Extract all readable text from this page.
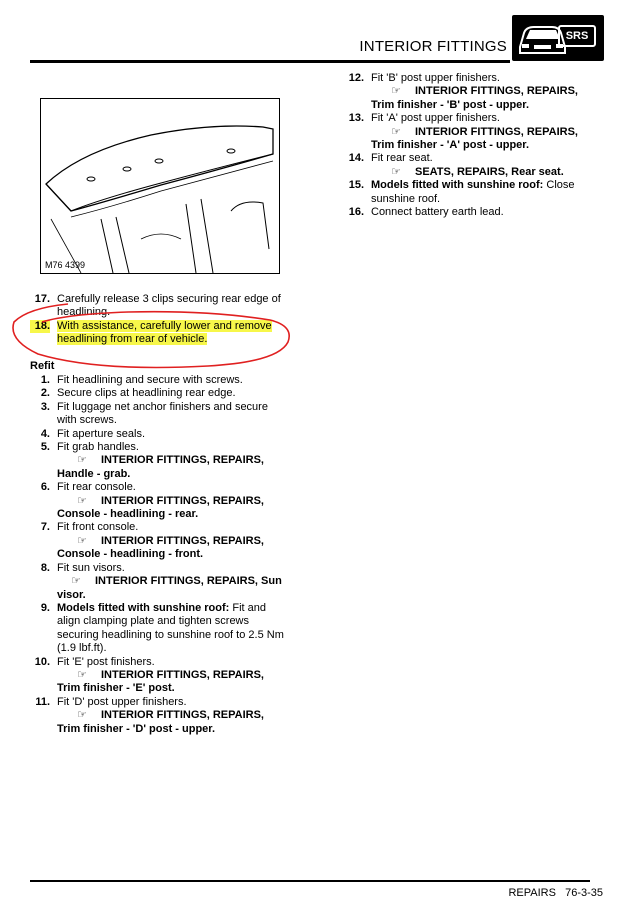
INTERIOR FITTINGS
SRS
M76 4399
17. Carefully release 3 clips securing rear edge of headlining.
18. With assistance, carefully lower and remove headlining from rear of vehicle.
Refit
1. Fit headlining and secure with screws.
2. Secure clips at headlining rear edge.
3. Fit luggage net anchor finishers and secure with screws.
4. Fit aperture seals.
5. Fit grab handles.
☞ INTERIOR FITTINGS, REPAIRS,
Handle - grab.
6. Fit rear console.
☞ INTERIOR FITTINGS, REPAIRS,
Console - headlining - rear.
7. Fit front console.
☞ INTERIOR FITTINGS, REPAIRS,
Console - headlining - front.
8. Fit sun visors.
☞ INTERIOR FITTINGS, REPAIRS, Sun
visor.
9. Models fitted with sunshine roof: Fit and align clamping plate and tighten screws securing headlining to sunshine roof to 2.5 Nm (1.9 lbf.ft).
10. Fit 'E' post finishers.
☞ INTERIOR FITTINGS, REPAIRS,
Trim finisher - 'E' post.
11. Fit 'D' post upper finishers.
☞ INTERIOR FITTINGS, REPAIRS,
Trim finisher - 'D' post - upper.
12. Fit 'B' post upper finishers.
☞ INTERIOR FITTINGS, REPAIRS,
Trim finisher - 'B' post - upper.
13. Fit 'A' post upper finishers.
☞ INTERIOR FITTINGS, REPAIRS,
Trim finisher - 'A' post - upper.
14. Fit rear seat.
☞ SEATS, REPAIRS, Rear seat.
15. Models fitted with sunshine roof: Close sunshine roof.
16. Connect battery earth lead.
REPAIRS   76-3-35
